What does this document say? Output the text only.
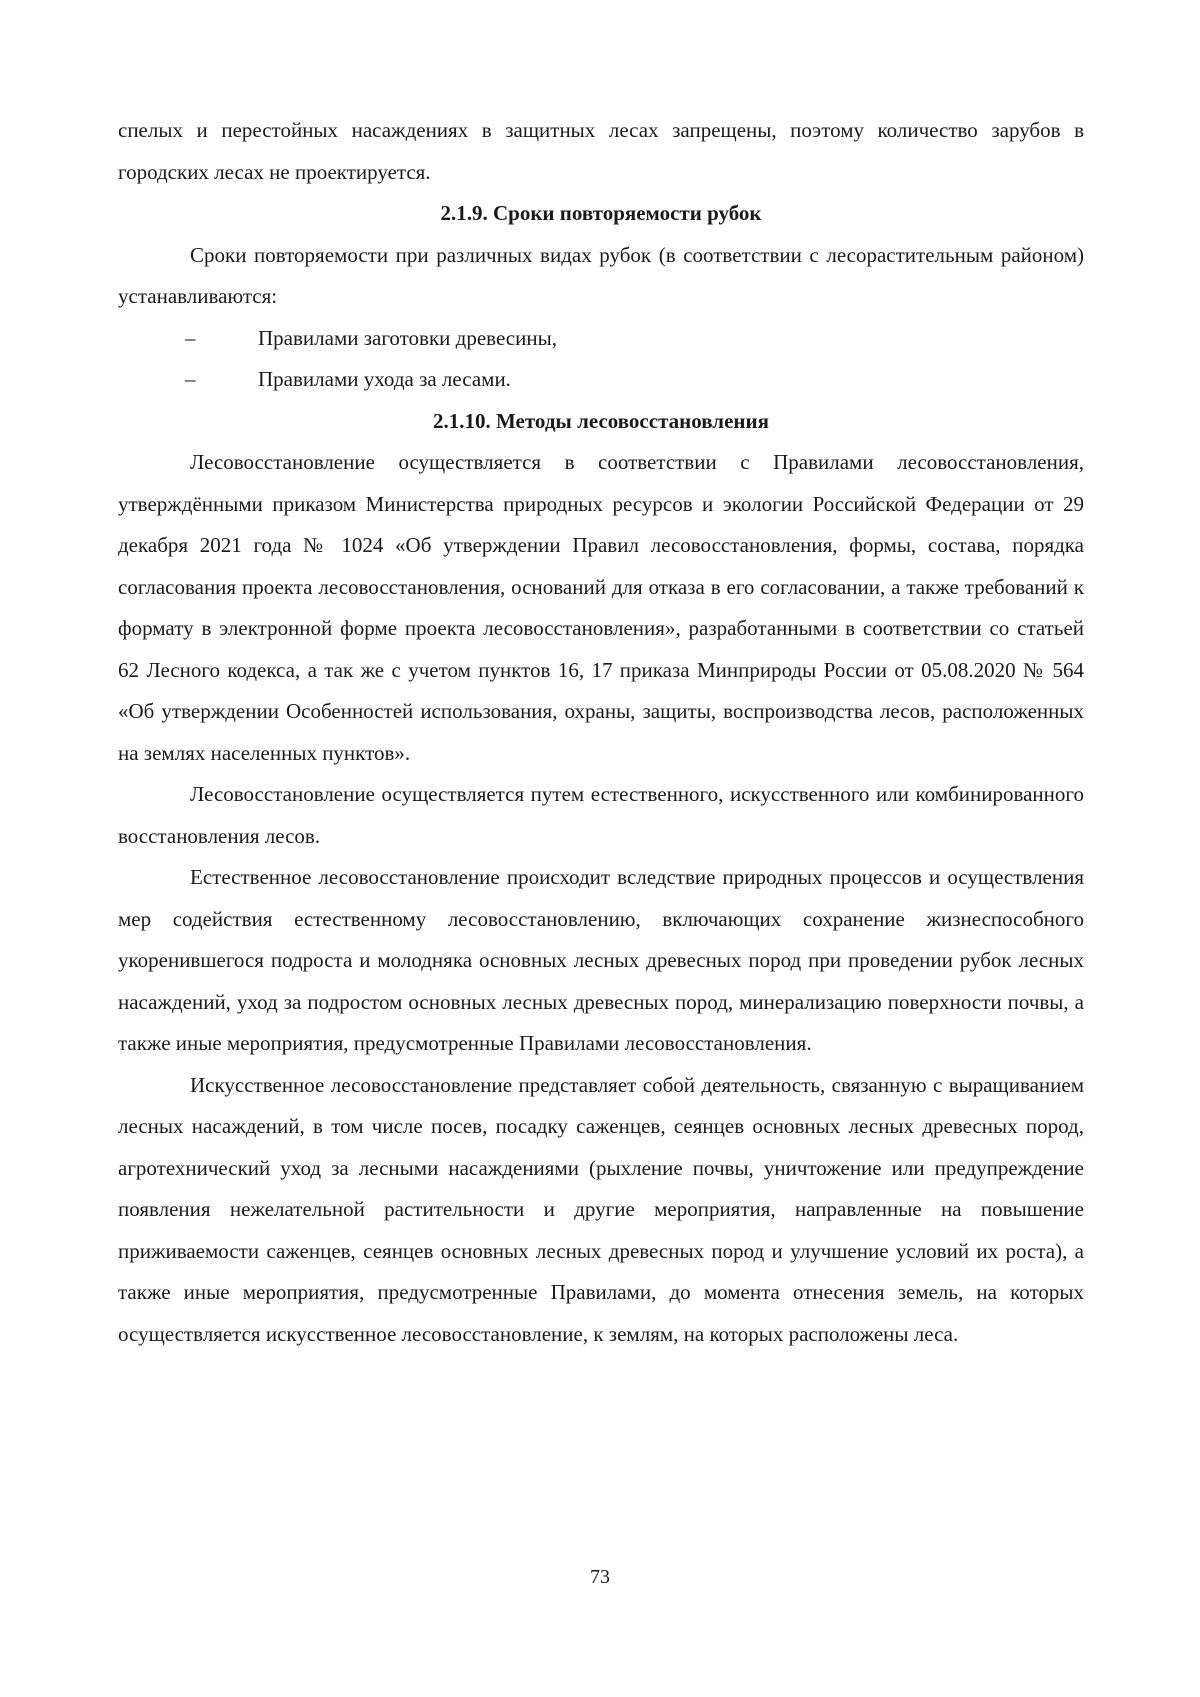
спелых и перестойных насаждениях в защитных лесах запрещены, поэтому количество зарубов в городских лесах не проектируется.

2.1.9. Сроки повторяемости рубок

Сроки повторяемости при различных видах рубок (в соответствии с лесорастительным районом) устанавливаются:

–	Правилами заготовки древесины,
–	Правилами ухода за лесами.
2.1.10. Методы лесовосстановления

Лесовосстановление осуществляется в соответствии с Правилами лесовосстановления, утверждёнными приказом Министерства природных ресурсов и экологии Российской Федерации от 29 декабря 2021 года № 1024 «Об утверждении Правил лесовосстановления, формы, состава, порядка согласования проекта лесовосстановления, оснований для отказа в его согласовании, а также требований к формату в электронной форме проекта лесовосстановления», разработанными в соответствии со статьей 62 Лесного кодекса, а так же с учетом пунктов 16, 17 приказа Минприроды России от 05.08.2020 № 564 «Об утверждении Особенностей использования, охраны, защиты, воспроизводства лесов, расположенных на землях населенных пунктов».

Лесовосстановление осуществляется путем естественного, искусственного или комбинированного восстановления лесов.

Естественное лесовосстановление происходит вследствие природных процессов и осуществления мер содействия естественному лесовосстановлению, включающих сохранение жизнеспособного укоренившегося подроста и молодняка основных лесных древесных пород при проведении рубок лесных насаждений, уход за подростом основных лесных древесных пород, минерализацию поверхности почвы, а также иные мероприятия, предусмотренные Правилами лесовосстановления.

Искусственное лесовосстановление представляет собой деятельность, связанную с выращиванием лесных насаждений, в том числе посев, посадку саженцев, сеянцев основных лесных древесных пород, агротехнический уход за лесными насаждениями (рыхление почвы, уничтожение или предупреждение появления нежелательной растительности и другие мероприятия, направленные на повышение приживаемости саженцев, сеянцев основных лесных древесных пород и улучшение условий их роста), а также иные мероприятия, предусмотренные Правилами, до момента отнесения земель, на которых осуществляется искусственное лесовосстановление, к землям, на которых расположены леса.

73
